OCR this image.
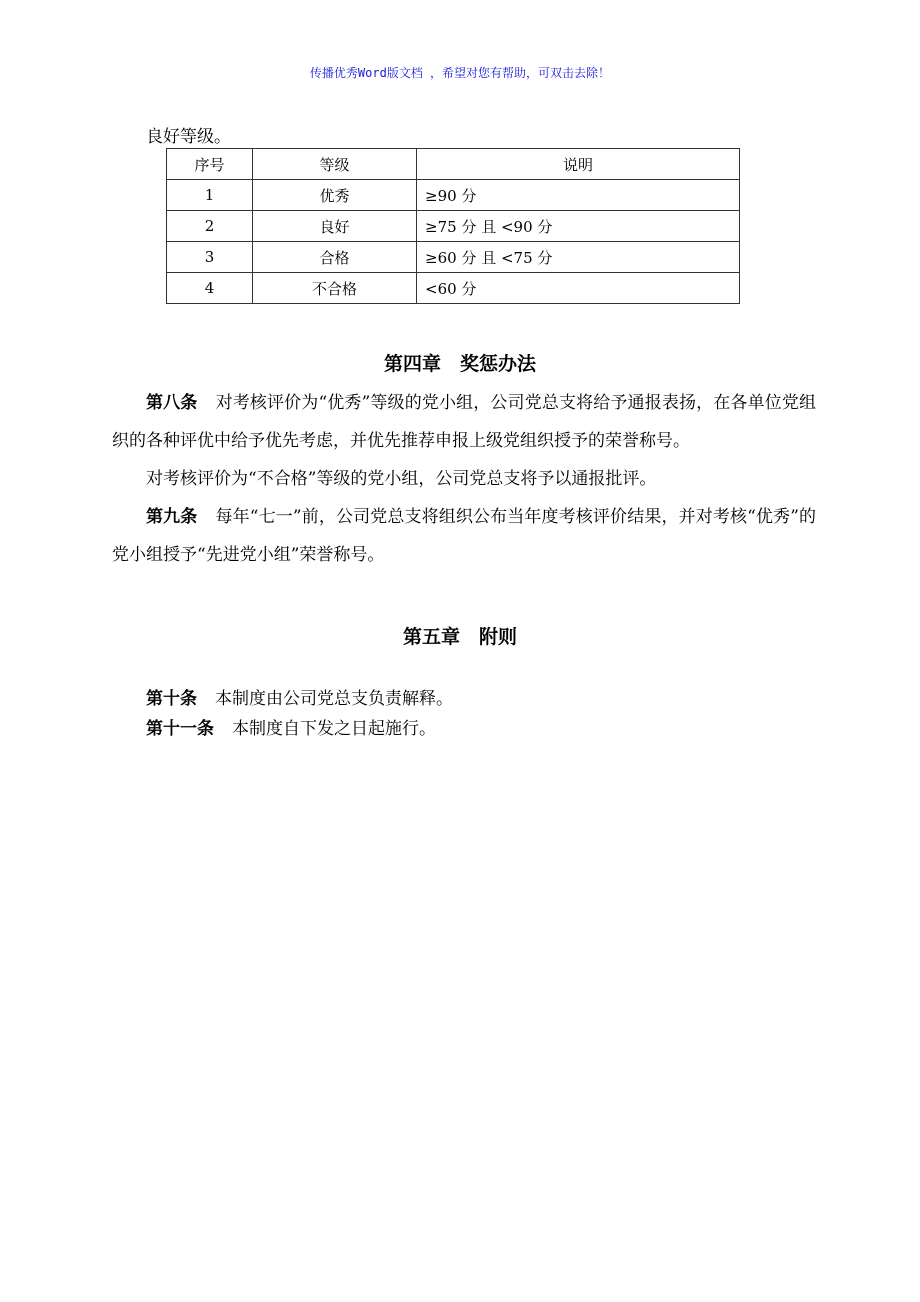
传播优秀Word版文档 ，希望对您有帮助，可双击去除！
良好等级。
序号	等级	说明
1	优秀	≥90 分
2	良好	≥75 分 且 <90 分
3	合格	≥60 分 且 <75 分
4	不合格	<60 分
第四章　奖惩办法
第八条 对考核评价为“优秀”等级的党小组，公司党总支将给予通报表扬，在各单位党组织的各种评优中给予优先考虑，并优先推荐申报上级党组织授予的荣誉称号。
对考核评价为“不合格”等级的党小组，公司党总支将予以通报批评。
第九条 每年“七一”前，公司党总支将组织公布当年度考核评价结果，并对考核“优秀”的党小组授予“先进党小组”荣誉称号。
第五章　附则
第十条 本制度由公司党总支负责解释。
第十一条 本制度自下发之日起施行。
